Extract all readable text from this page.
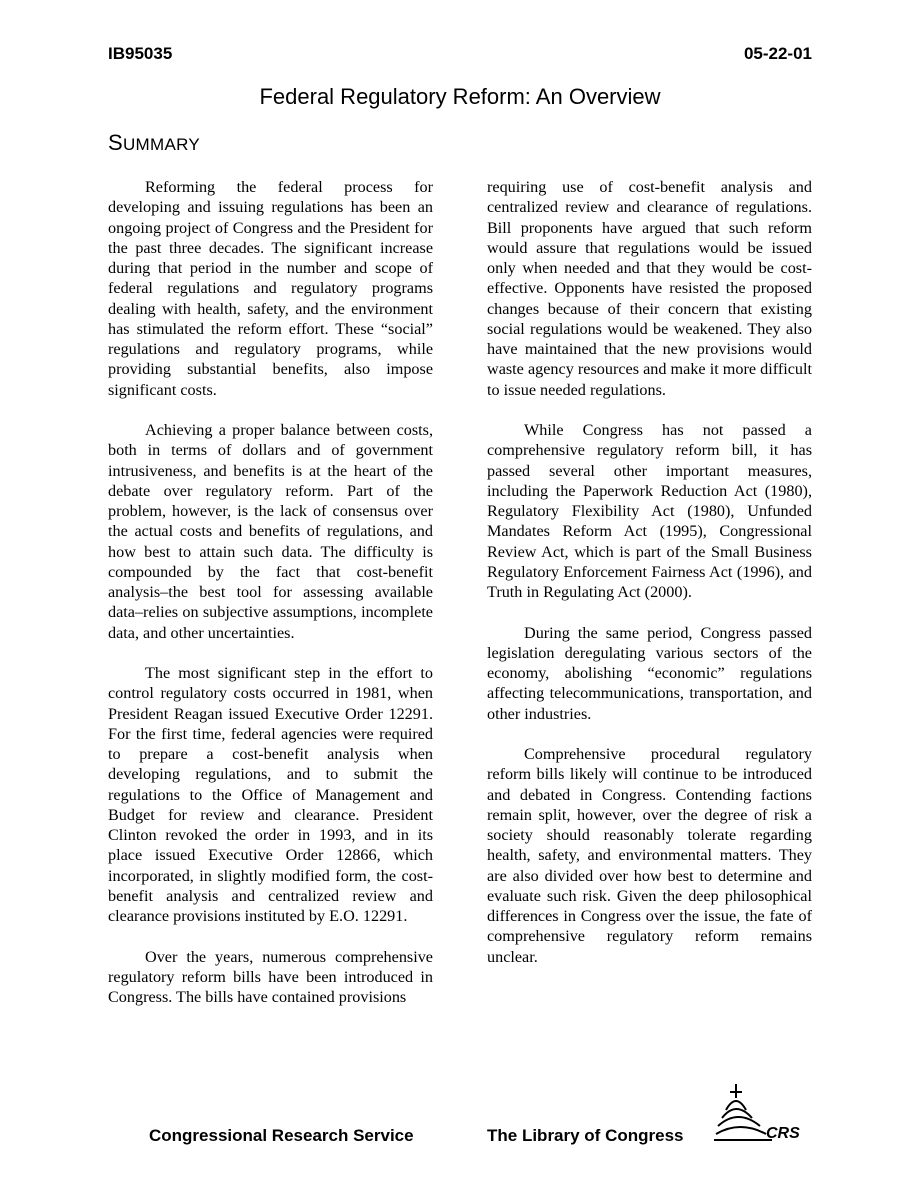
IB95035	05-22-01
Federal Regulatory Reform: An Overview
SUMMARY

Reforming the federal process for developing and issuing regulations has been an ongoing project of Congress and the President for the past three decades. The significant increase during that period in the number and scope of federal regulations and regulatory programs dealing with health, safety, and the environment has stimulated the reform effort. These “social” regulations and regulatory programs, while providing substantial benefits, also impose significant costs.

Achieving a proper balance between costs, both in terms of dollars and of government intrusiveness, and benefits is at the heart of the debate over regulatory reform. Part of the problem, however, is the lack of consensus over the actual costs and benefits of regulations, and how best to attain such data. The difficulty is compounded by the fact that cost-benefit analysis–the best tool for assessing available data–relies on subjective assumptions, incomplete data, and other uncertainties.

The most significant step in the effort to control regulatory costs occurred in 1981, when President Reagan issued Executive Order 12291. For the first time, federal agencies were required to prepare a cost-benefit analysis when developing regulations, and to submit the regulations to the Office of Management and Budget for review and clearance. President Clinton revoked the order in 1993, and in its place issued Executive Order 12866, which incorporated, in slightly modified form, the cost-benefit analysis and centralized review and clearance provisions instituted by E.O. 12291.

Over the years, numerous comprehensive regulatory reform bills have been introduced in Congress. The bills have contained provisions

requiring use of cost-benefit analysis and centralized review and clearance of regulations. Bill proponents have argued that such reform would assure that regulations would be issued only when needed and that they would be cost-effective. Opponents have resisted the proposed changes because of their concern that existing social regulations would be weakened. They also have maintained that the new provisions would waste agency resources and make it more difficult to issue needed regulations.

While Congress has not passed a comprehensive regulatory reform bill, it has passed several other important measures, including the Paperwork Reduction Act (1980), Regulatory Flexibility Act (1980), Unfunded Mandates Reform Act (1995), Congressional Review Act, which is part of the Small Business Regulatory Enforcement Fairness Act (1996), and Truth in Regulating Act (2000).

During the same period, Congress passed legislation deregulating various sectors of the economy, abolishing “economic” regulations affecting telecommunications, transportation, and other industries.

Comprehensive procedural regulatory reform bills likely will continue to be introduced and debated in Congress. Contending factions remain split, however, over the degree of risk a society should reasonably tolerate regarding health, safety, and environmental matters. They are also divided over how best to determine and evaluate such risk. Given the deep philosophical differences in Congress over the issue, the fate of comprehensive regulatory reform remains unclear.

Congressional Research Service	The Library of Congress	CRS
